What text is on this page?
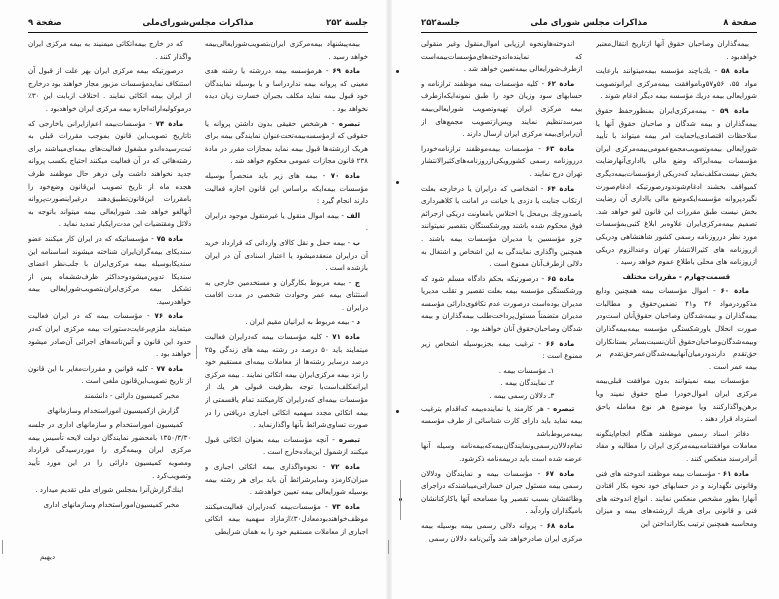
جلسة ۲۵۲
مذاکرات مجلس‌شورای‌ملی
صفحة ۹

بیمه‌پیشنهاد بیمه‌مرکزی ایران‌بتصویب‌شورایعالی‌بیمه خواهد رسید .

مادة ۶۹ - هرمؤسسه بیمه دررشته یا رشته هدی معینی که پروانه بیمه نداردراسا و یا بوسیله نمایندگان خود قبول بیمه نماید مکلف بجبران خسارت زیان دیده نخواهد بود .

تبصره - هرشخص حقیقی بدون داشتن پروانه یا حقوقی که ازمؤسسه‌بیمه‌تحت‌عنوان نمایندگی بیمه برای هریک ازرشته‌ها قبول بیمه نماید بمجازات مقرر در مادة ۲۳۸ قانون مجازات عمومی محکوم خواهد شد .

مادة ۷۰ - بیمه های زیر باید منحصراً بوسیله مؤسسات بیمه‌ایکه براساس این قانون اجازه فعالیت دارند انجام گیرد :

الف - بیمه اموال منقول یا غیرمنقول موجود درایران .

ب - بیمه حمل و نقل کالای وارداتی که قرارداد خرید آن درایران منعقدمیشود یا اعتبار اسنادی آن در ایران بازشده است .

ج - بیمه مربوط بکارگران و مستخدمین خارجی به استثنای بیمه عمر وحوادث شخصی در مدت اقامت درایران .

د - بیمه مربوط به ایرانیان مقیم ایران .

مادة ۷۱ - کلیه مؤسسات بیمه که‌درایران فعالیت میتمایند باید ۵۰ درصد در رشته بیمه های زندگی و۲۵ درصد درسایر رشته‌ها از معاملات بیمه‌ای مستقیم خود را نزد بیمه مرکزی‌ایران بیمه اتکائی نمایند . بیمه مرکزی ایرانمکلف‌است‌با توجه بظرفیت قبولی هر یك از مؤسسات بیمه‌ای که‌درایران کارمیکنند تمام یاقسمتی از بیمه اتکائی مجدد سهمیه اتکائی اجباری دریافتی را در صورت تساوی‌شرائط بآنها واگذارنماید .

تبصره - آنچه مؤسسات بیمه بعنوان اتکائی قبول میکنند ازشمول این‌ماده‌خارج است .

مادة ۷۲ - نحوه‌واگذاری بیمه اتکائی اجباری و میزان‌کارمزد وسایرشرائط آن باید برای هر رشته بیمه بوسیله شورایعالی بیمه تعیین خواهدشد .

مادة ۷۳ - مؤسسات‌بیمه که‌درایران فعالیت‌میکنند موظف‌خواهندبودمعادل۳۰٪ازمازاد سهمیه بیمه اتکائی اجباری از معاملات مستقیم خود را به همان شرایطی

که در خارج بیمه‌اتکائی میمنیند به بیمه مرکزی ایران واگذار کنند .

درصورتیکه بیمه مرکزی ایران بهر علت از قبول آن استنکاف نماید‌مؤسسات مزبور مجاز خواهند بود درخارج از ایران بیمه اتکائی نمایند . اختلاف ازبابت این ۳۰٪ درموکولبه‌ارائه‌اجازه بیمه مرکزی ایران خواهدبود .

مادة ۷۴ - مؤسسات‌بیمه اعم‌ازایرانی یاخارجی که تاتاریخ تصویب‌این قانون بموجب مقررات قبلی به ثبت‌رسیده‌اندو مشغول فعالیت‌های بیمه‌ای‌میباشند برای رشته‌هائی که در آن فعالیت میکنند احتیاج بکسب پروانه جدید نخواهند داشت ولی درهر حال موظفند ظرف هجده ماه از تاریخ تصویب این‌قانون وضع‌خود را بامقررات این‌قانون‌تطبیق‌دهند درغیراینصورت‌پروانه آنهالغو خواهد شد. شورایعالی بیمه میتواند باتوجه به دلائل ومقتضیات این مدت‌رایکبار تمدید نماید .

مادة ۷۵ - مؤسساتیکه که در ایران کار میکنند عضو سندیکای بیمه‌گران‌ایران شناخته میشوند اساسنامه این سندیکابوسیله بیمه مرکزی‌ایران با جلب‌نظر اعضای سندیکا تدوین‌میشودوحداکثر ظرف‌ششماه پس از تشکیل بیمه مرکزی‌ایران‌بتصویب‌شورایعالی بیمه خواهدرسید.

مادة ۷۶ - مؤسسات بیمه که در ایران فعالیت میتمایند ملزم‌برعایت‌دستورات بیمه مرکزی ایران که‌در حدود این قانون و آئین‌نامه‌های اجرائی آن‌صادر میشود خواهند بود .

مادة ۷۷ - کلیه قوانین و مقررات‌مغایر با این قانون از تاریخ تصویب‌این‌قانون ملغی است .

مخبر کمیسیون دارائی - دانشمند

گزارش ازکمیسیون امور‌استخدام وسازمانهای

کمیسیون امور‌استخدام و سازمانهای اداری در جلسه ۱۳۵۰/۳/۳۰ بامحضور نمایندگان دولت لایحه تأسیس بیمه مرکزی ایران وبیمه‌گری را موردرسیدگی قرارداد ومصوبه کمیسیون دارائی را در این مورد تأیید وتصویب‌کرد .

اینك‌گزارش‌آنرا بمجلس شورای ملی تقدیم میدارد .

مخبر کمیسیون‌امور‌استخدام وسازمانهای اداری

دیهیم
صفحة ۸
مذاکرات مجلس شورای ملی
جلسة۲۵۲

بیمه‌گذاران وصاحبان حقوق آنها ازتاریخ انتقال‌معتبر خواهدبود .

مادة ۵۸ - یك‌یاچند مؤسسه بیمه‌میتوانند بارعایت مواد ۵۵، ۵۶و۵۷وباموافقت بیمه‌مرکزی ایرانوتصویب شورایعالی بیمه دریك مؤسسه بیمه دیگر ادغام شوند .

مادة ۵۹ - بیمه‌مرکزی‌ایران بمنظورحفظ حقوق بیمه‌گذاران و بیمه شدگان و صاحبان حقوق آنها یا سلاحظات اقتصادی‌یاحمایت امر بیمه میتواند با تأیید شورایعالی بیمه‌وتصویب‌مجمع‌عمومی‌بیمه‌مرکزی ایران مؤسسات بیمه‌ایراکه وضع مالی یااداری‌آنهارضایت بخش نیست‌مکلف‌نماید که‌دریکی ازمؤسسات‌بیمه‌دیگری کمیواقف بخشند ادغام‌شوند‌ودرصورتیکه ادغام‌صورت نگیرد‌پروانه مؤسسه‌ایکه‌وضع مالی یااداری آن رضایت بخش نیست طبق مقررات این قانون لغو خواهد شد. تصمیم بیمه‌مرکزی‌ایران علاوه‌بر ابلاغ کتبی‌بمؤسسات مورد نظر درروزنامه رسمی کشور شاهنشاهی ودریکی ازروزنامه های کثیرالانتشار تهران وعندالزوم دریکی ازروزنامه های محلی باطلاع عموم خواهد رسید .

قسمت‌چهارم - مقررات مختلف

مادة ۶۰ - اموال مؤسسات بیمه همچنین ودایع مذکوردرمواد ۳۶ و۴۱ تضمین‌حقوق و مطالبات بیمه‌گذاران و بیمه‌شدگان وصاحبان حقوق‌آنان است‌ودر صورت انحلال یاورشکستگی مؤسسه بیمه‌بیمه‌گذاران وبیمه‌شدگان‌وصاحبان‌حقوق آنان‌نسبت‌بسایر بستانکاران حق‌تقدم دارند‌ودر‌میان‌آنهابیمه‌شدگان‌عمرحق‌تقدم بر بیمه عمر است .

مؤسسات بیمه نمیتوانند بدون موافقت قبلی‌بیمه مرکزی ایران اموال‌خودرا صلح حقوق نمیند ویا برهن‌واگذارکنند ویا موضوع هر نوع معامله یاحق استرداد قرار دهند .

دفاتر اسناد رسمی موظفند هنگام انجام‌اینگونه معاملات موافقتنامه‌بیمه‌مرکزی ایران را مطالبه و مفاد آنرادرسند منعکس کنند .

مادة ۶۱ - مؤسسات بیمه موظفند اندوخته های فنی وقانونی نگهدارند و در حسابهای خود نحوه بکار افتادن آنهارا بطور مشخص منعکس نمایند . انواع اندوخته های فنی و قانونی برای هریك ازرشته‌های بیمه و میزان ومحاسبه همچنین ترتیب بکارانداختن این

اندوخته‌هاونحوه ارزیابی اموال‌منقول وغیر منقولی که نماینده‌اندوخته‌های‌مؤسسات‌بیمه‌است ازطرف‌شورایعالی بیمه‌تعیین خواهد شد .

مادة ۶۲ - کلیه مؤسسات بیمه موظفند ترازنامه و حسابهای سود وزیان خود را طبق نمونه‌ایکه‌ازطرف بیمه مرکزی ایران تهیه‌وتصویب شورایعالی‌بیمه میرسدتنظیم نمایند وپس‌ازتصویب مجمع‌های از آن‌رابرای‌بیمه مرکزی ایران ارسال دارند .

مادة ۶۳ - مؤسسات بیمه‌موظفند ترازنامه‌خودرا درروزنامه رسمی کشورویکی‌ازروزنامه‌های‌کثیرالانتشار تهران درج نمایند .

مادة ۶۴ - اشخاصی که درایران یا درخارجه بعلت ارتکاب جنایت یا دزدی یا خیانت در امانت یا کلاهبرداری یاصدورچك بی‌محل یا اختلاس یامعاونت دریکی ازجرائم فوق محکوم شده باشند وورشکستگان بتقصیر نمیتوانند جزو مؤسسین یا مدیران مؤسسات بیمه باشند . همچنین واگذاری نمایندگی به این اشخاص و اشتغال به دلالی ازطرف‌آنان ممنوع است .

مادة ۶۵ - درصورتیکه بحکم دادگاه مسلم شود که ورشکستگی مؤسسه بیمه بعلت تقصیر و تقلب مدیریا مدیران بوده‌است درصورت عدم تکافوی‌دارائی مؤسسه مدیران متضمناً مسئول‌پرداخت‌طلب بیمه‌گذاران و بیمه شدگان وصاحبان‌حقوق آنان خواهند بود .

مادة ۶۶ - ترغیب بیمه بجز‌بوسیله اشخاص زیر ممنوع است :

۱ـ مؤسسات بیمه .

۲ـ نمایندگان بیمه .

۳ـ دلالان رسمی بیمه .

تبصره - هر کارمند یا نماینده‌بیمه که‌اقدام بترغیب بیمه نماید باید دارای کارت شناسائی از طرف مؤسسه بیمه‌مربوط‌باشد تمام‌دلالان‌رسمی‌ونمایندگان‌بیمه‌که‌بیمه‌نامه وسیله آنها عرضه شده است باید دربیمه‌نامه ذکرشود.

مادة ۶۷ - مؤسسات بیمه و نمایندگان ودلالان رسمی بیمه مسئول جبران خساراتی‌میباشندکه دراجرای وظائفشان بسبب تقصیر ویا مسامحه آنها یاکارکنانشان بامیگذاران وارد‌آید .

مادة ۶۸ - پروانه دلالی رسمی بیمه بوسیله بیمه مرکزی ایران صادرخواهد شد وآئین‌نامه دلالان رسمی
